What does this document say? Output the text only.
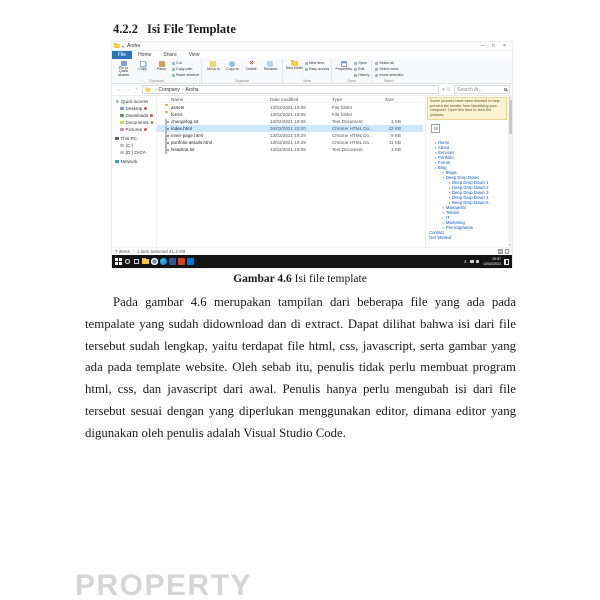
4.2.2 Isi File Template
▾ Arsha	─	□	×
File	Home	Share	View
Pin to Quick access
Copy	Paste
Cut
Copy path
Paste shortcut
Clipboard
Move to Copy to
×
Delete Rename
Organise
New folder
New item
Easy access
New
Properties
Open
Edit
History
Open
Select all
Select none
Invert selection
Select
← → ↑	› Company › Arsha	▾ ↻ Search Ar...
★ Quick access
Desktop
Downloads
Documents
Pictures
This PC
(C:)
(D:) DATA
Network
Name	Date modified	Type	Size
assets	13/02/2021 19:55	File folder
forms	13/02/2021 19:55	File folder
changelog.txt	13/02/2021 19:56	Text Document	1 KB
index.html	04/02/2021 23:20	Chrome HTML Do...	42 KB
inner-page.html	13/02/2021 19:29	Chrome HTML Do...	9 KB
portfolio-details.html	13/02/2021 19:29	Chrome HTML Do...	11 KB
Readme.txt	13/02/2021 19:56	Text Document	1 KB
Some pictures have been blocked to help prevent the sender from identifying your computer. Open this item to view the pictures.
• Home
• About
• Services
• Portfolio
• Forum
• Blog
○ Blogs
○ Deep Drop Down
▪ Deep Drop Down 1
▪ Deep Drop Down 2
▪ Deep Drop Down 3
▪ Deep Drop Down 4
▪ Deep Drop Down 5
○ Manajerial
○ Teknisi
○ IT
○ Marketing
○ Pemrograman
Contact
Get Started
▾
▾
7 items 1 item selected 41.2 KB
∧	19:57
13/02/2021
Gambar 4.6 Isi file template
Pada gambar 4.6 merupakan tampilan dari beberapa file yang ada pada tempalate yang sudah didownload dan di extract. Dapat dilihat bahwa isi dari file tersebut sudah lengkap, yaitu terdapat file html, css, javascript, serta gambar yang ada pada template website. Oleh sebab itu, penulis tidak perlu membuat program html, css, dan javascript dari awal. Penulis hanya perlu mengubah isi dari file tersebut sesuai dengan yang diperlukan menggunakan editor, dimana editor yang digunakan oleh penulis adalah Visual Studio Code.
PROPERTY
